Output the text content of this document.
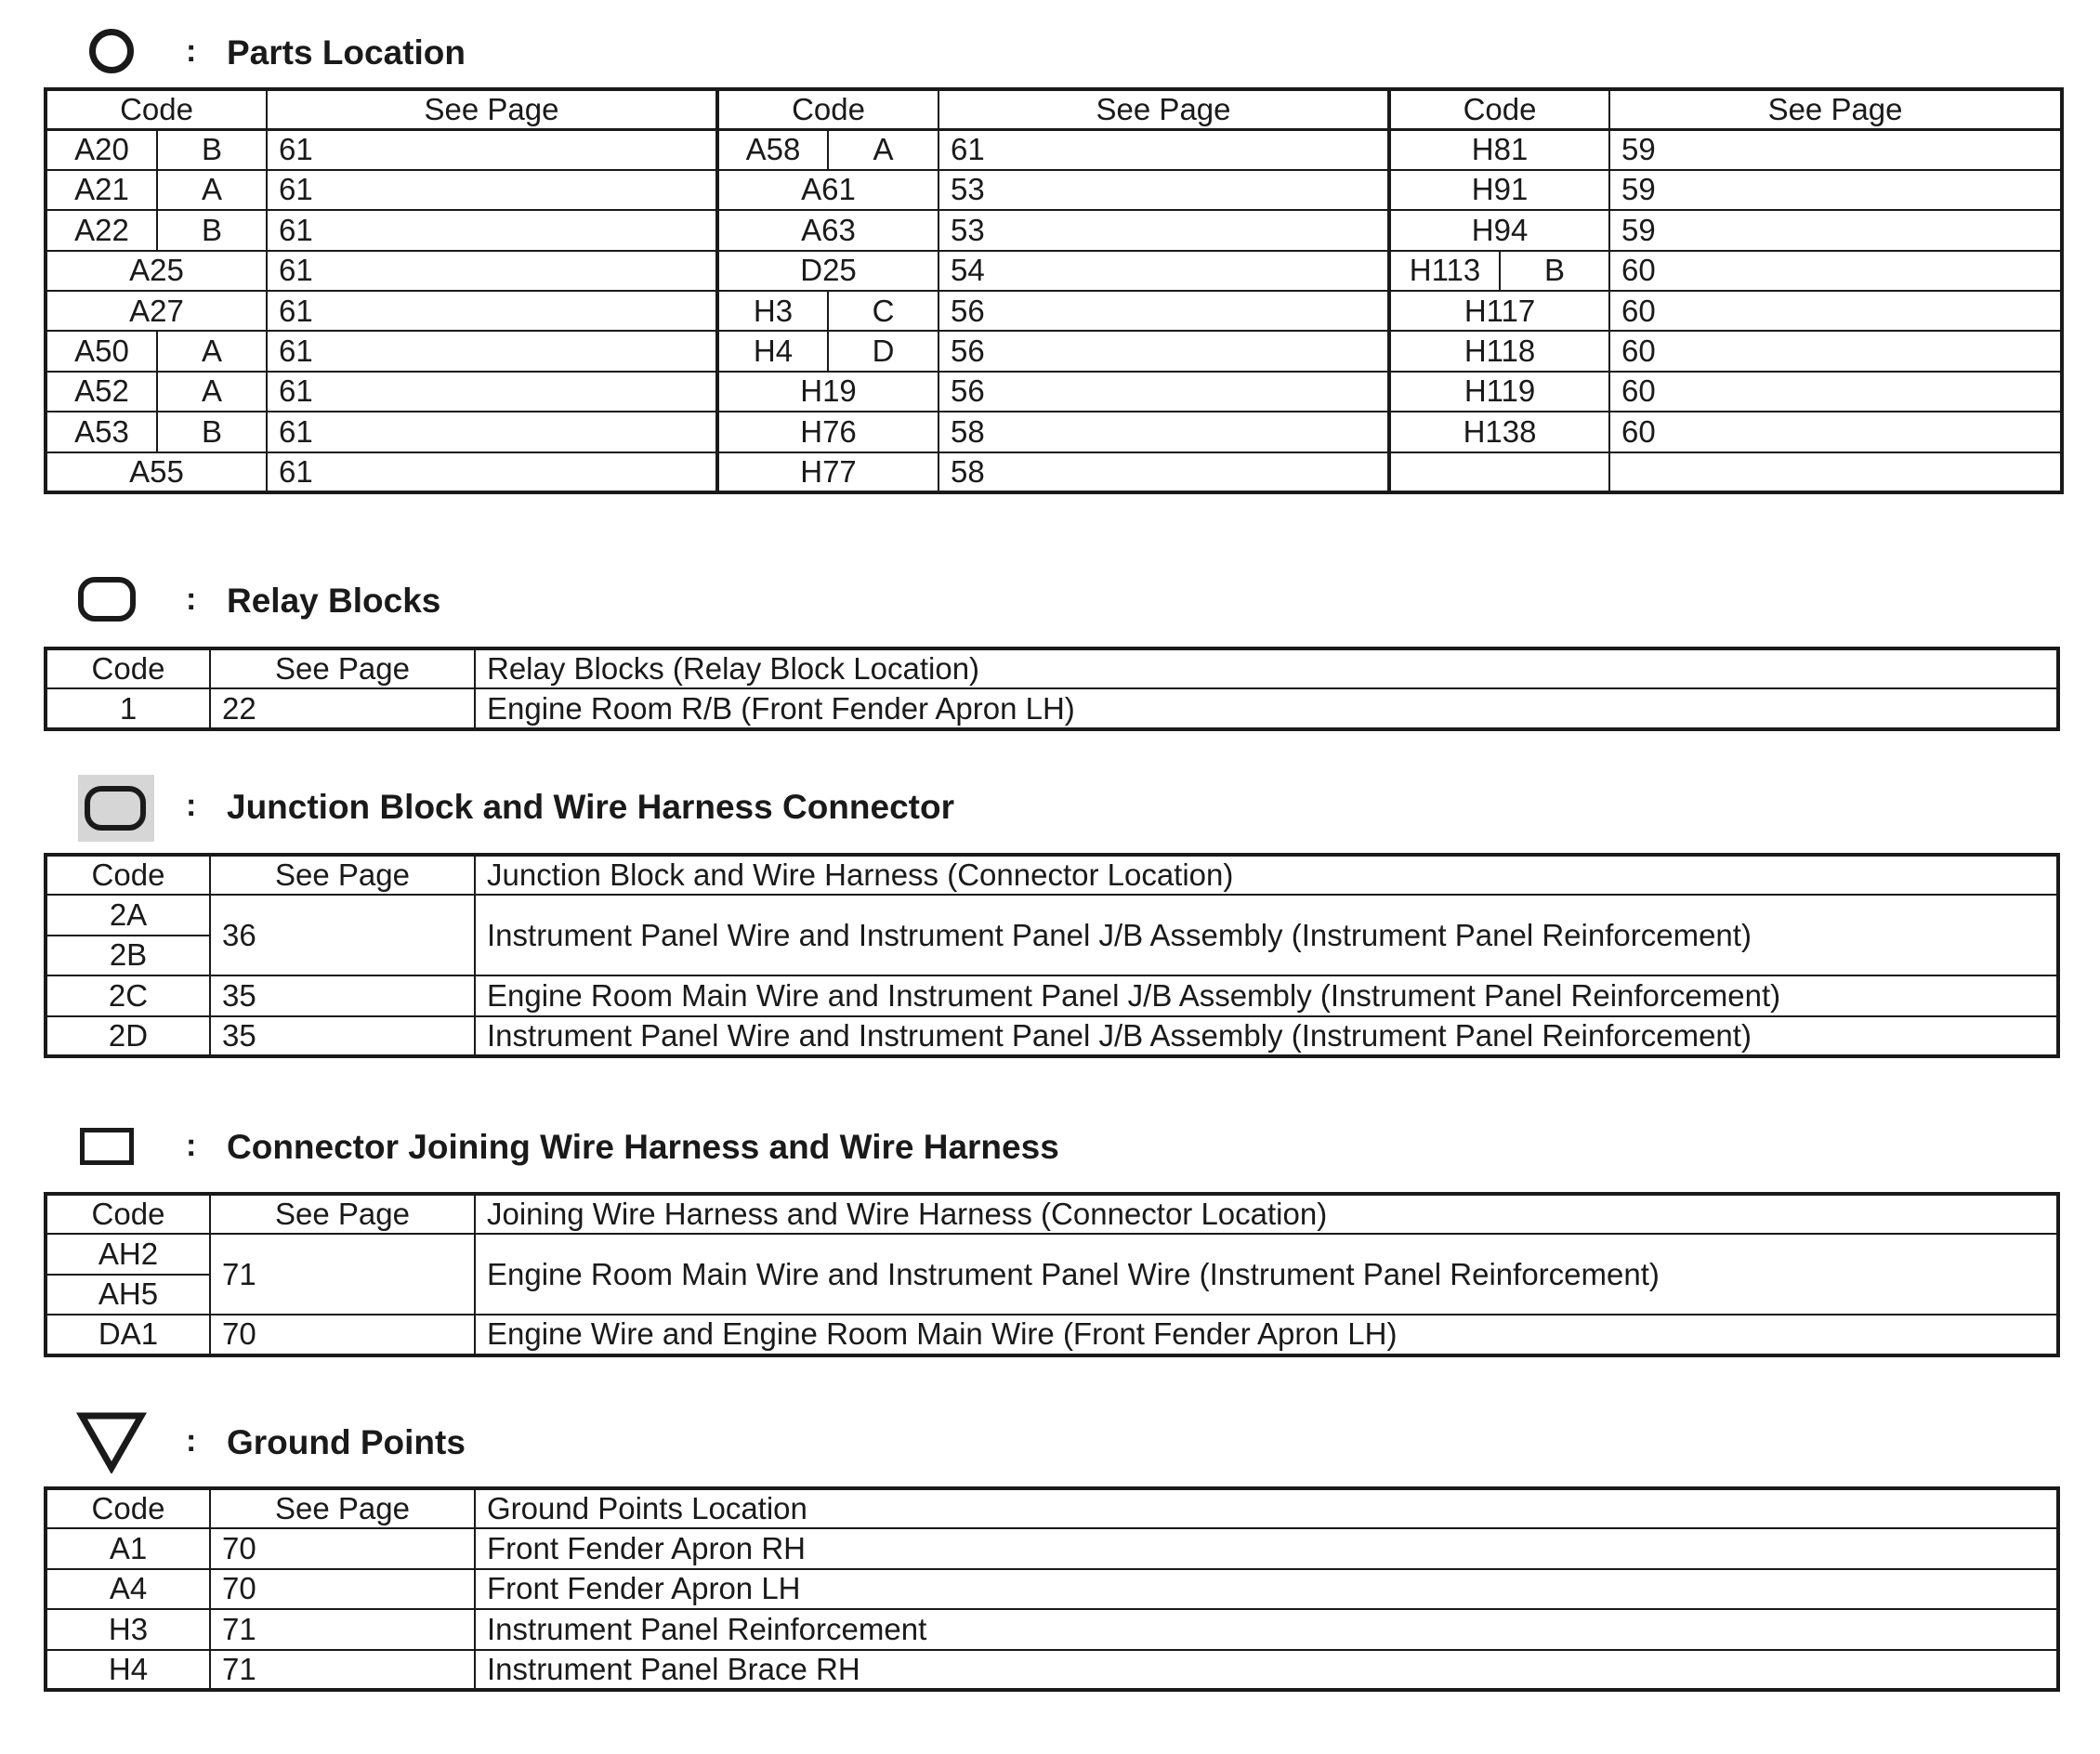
: Parts Location
Code		See Page	Code		See Page	Code		See Page
A20	B	61	A58	A	61	H81		59
A21	A	61	A61		53	H91		59
A22	B	61	A63		53	H94		59
A25		61	D25		54	H113	B	60
A27		61	H3	C	56	H117		60
A50	A	61	H4	D	56	H118		60
A52	A	61	H19		56	H119		60
A53	B	61	H76		58	H138		60
A55		61	H77		58			
: Relay Blocks
Code	See Page	Relay Blocks (Relay Block Location)
1	22	Engine Room R/B (Front Fender Apron LH)
: Junction Block and Wire Harness Connector
Code	See Page	Junction Block and Wire Harness (Connector Location)
2A	36	Instrument Panel Wire and Instrument Panel J/B Assembly (Instrument Panel Reinforcement)
2B		
2C	35	Engine Room Main Wire and Instrument Panel J/B Assembly (Instrument Panel Reinforcement)
2D	35	Instrument Panel Wire and Instrument Panel J/B Assembly (Instrument Panel Reinforcement)
: Connector Joining Wire Harness and Wire Harness
Code	See Page	Joining Wire Harness and Wire Harness (Connector Location)
AH2	71	Engine Room Main Wire and Instrument Panel Wire (Instrument Panel Reinforcement)
AH5		
DA1	70	Engine Wire and Engine Room Main Wire (Front Fender Apron LH)
: Ground Points
Code	See Page	Ground Points Location
A1	70	Front Fender Apron RH
A4	70	Front Fender Apron LH
H3	71	Instrument Panel Reinforcement
H4	71	Instrument Panel Brace RH
